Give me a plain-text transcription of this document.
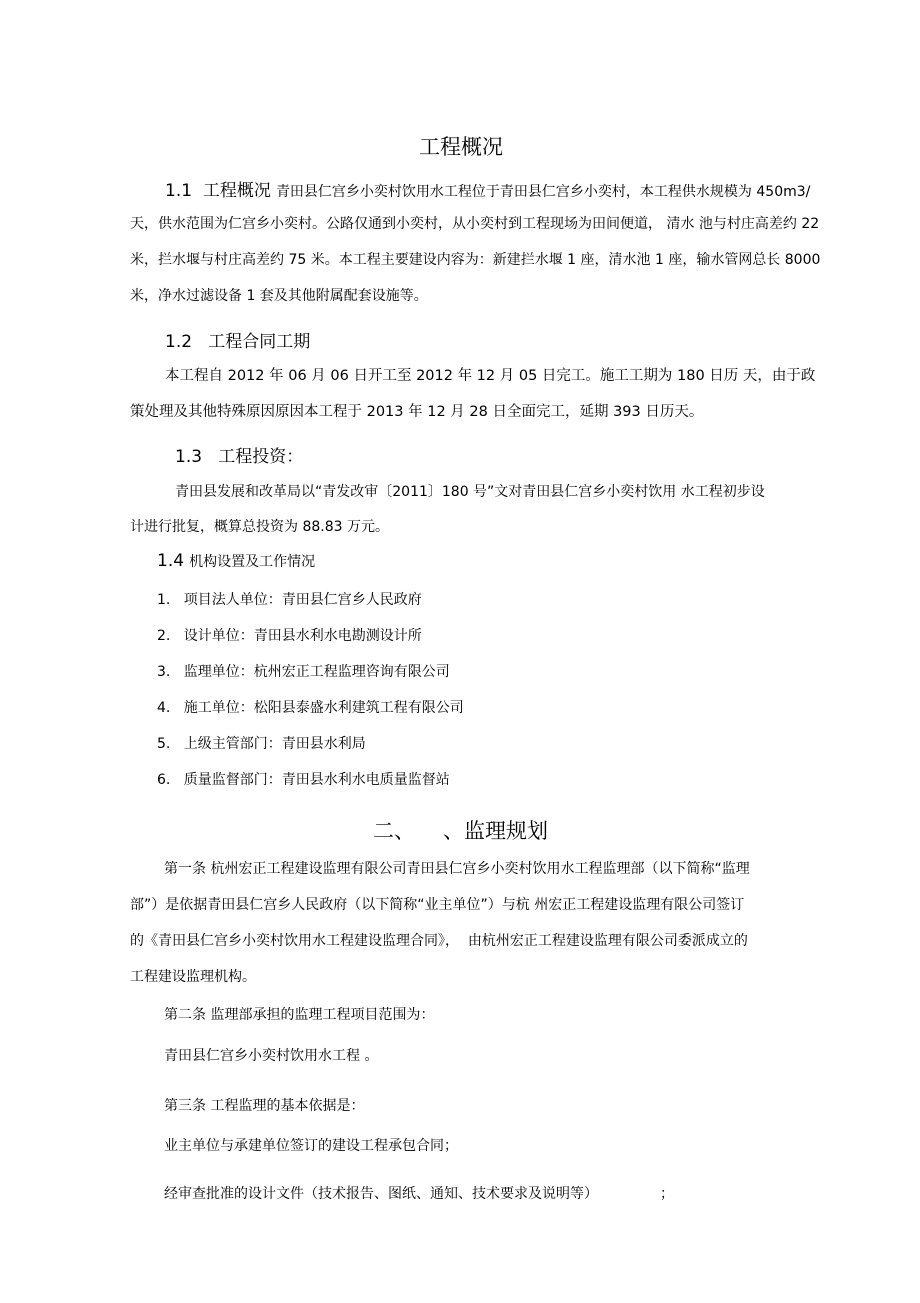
工程概况
1.1  工程概况 青田县仁宫乡小奕村饮用水工程位于青田县仁宫乡小奕村，本工程供水规模为 450m3/
天，供水范围为仁宫乡小奕村。公路仅通到小奕村，从小奕村到工程现场为田间便道， 清水 池与村庄高差约 22
米，拦水堰与村庄高差约 75 米。本工程主要建设内容为：新建拦水堰 1 座，清水池 1 座，输水管网总长 8000
米，净水过滤设备 1 套及其他附属配套设施等。
1.2   工程合同工期
本工程自 2012 年 06 月 06 日开工至 2012 年 12 月 05 日完工。施工工期为 180 日历 天，由于政
策处理及其他特殊原因原因本工程于 2013 年 12 月 28 日全面完工，延期 393 日历天。
1.3   工程投资：
青田县发展和改革局以“青发改审〔2011〕180 号”文对青田县仁宫乡小奕村饮用 水工程初步设
计进行批复，概算总投资为 88.83 万元。
1.4 机构设置及工作情况
1.   项目法人单位：青田县仁宫乡人民政府
2.   设计单位：青田县水利水电勘测设计所
3.   监理单位：杭州宏正工程监理咨询有限公司
4.   施工单位：松阳县泰盛水利建筑工程有限公司
5.   上级主管部门：青田县水利局
6.   质量监督部门：青田县水利水电质量监督站
二、 、监理规划
第一条 杭州宏正工程建设监理有限公司青田县仁宫乡小奕村饮用水工程监理部（以下简称“监理
部”）是依据青田县仁宫乡人民政府（以下简称“业主单位”）与杭 州宏正工程建设监理有限公司签订
的《青田县仁宫乡小奕村饮用水工程建设监理合同》，  由杭州宏正工程建设监理有限公司委派成立的
工程建设监理机构。
第二条 监理部承担的监理工程项目范围为：
青田县仁宫乡小奕村饮用水工程 。
第三条 工程监理的基本依据是：
业主单位与承建单位签订的建设工程承包合同；
经审查批准的设计文件（技术报告、图纸、通知、技术要求及说明等）	；
